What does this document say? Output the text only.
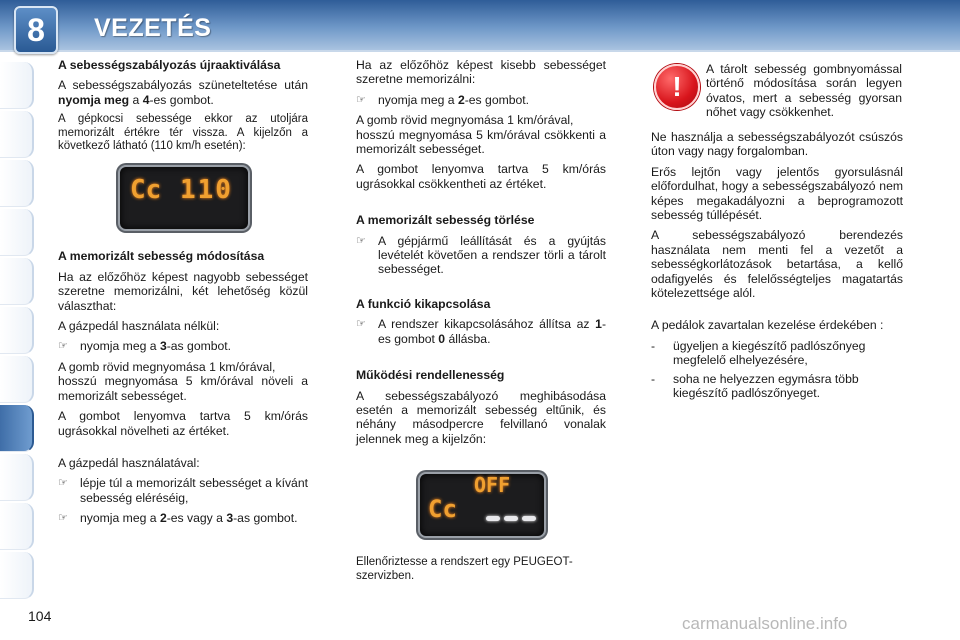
8	VEZETÉS
A sebességszabályozás újraaktiválása

A sebességszabályozás szüneteltetése után nyomja meg a 4-es gombot.

A gépkocsi sebessége ekkor az utoljára memorizált értékre tér vissza. A kijelzőn a következő látható (110 km/h esetén):

Cc 110
A memorizált sebesség módosítása

Ha az előzőhöz képest nagyobb sebességet szeretne memorizálni, két lehetőség közül választhat:

A gázpedál használata nélkül:

☞ nyomja meg a 3-as gombot.

A gomb rövid megnyomása 1 km/órával,

hosszú megnyomása 5 km/órával növeli a memorizált sebességet.

A gombot lenyomva tartva 5 km/órás ugrásokkal növelheti az értéket.

A gázpedál használatával:

☞ lépje túl a memorizált sebességet a kívánt sebesség eléréséig,
☞ nyomja meg a 2-es vagy a 3-as gombot.

Ha az előzőhöz képest kisebb sebességet szeretne memorizálni:

☞ nyomja meg a 2-es gombot.

A gomb rövid megnyomása 1 km/órával,

hosszú megnyomása 5 km/órával csökkenti a memorizált sebességet.

A gombot lenyomva tartva 5 km/órás ugrásokkal csökkentheti az értéket.

A memorizált sebesség törlése
☞ A gépjármű leállítását és a gyújtás levételét követően a rendszer törli a tárolt sebességet.
A funkció kikapcsolása
☞ A rendszer kikapcsolásához állítsa az 1-es gombot 0 állásba.
Működési rendellenesség

A sebességszabályozó meghibásodása esetén a memorizált sebesség eltűnik, és néhány másodpercre felvillanó vonalak jelennek meg a kijelzőn:

OFF
Cc

Ellenőriztesse a rendszert egy PEUGEOT-szervizben.

!
A tárolt sebesség gombnyomással történő módosítása során legyen óvatos, mert a sebesség gyorsan nőhet vagy csökkenhet.

Ne használja a sebességszabályozót csúszós úton vagy nagy forgalomban.

Erős lejtőn vagy jelentős gyorsulásnál előfordulhat, hogy a sebességszabályozó nem képes megakadályozni a beprogramozott sebesség túllépését.

A sebességszabályozó berendezés használata nem menti fel a vezetőt a sebességkorlátozások betartása, a kellő odafigyelés és felelősségteljes magatartás kötelezettsége alól.

A pedálok zavartalan kezelése érdekében :

-	ügyeljen a kiegészítő padlószőnyeg megfelelő elhelyezésére,
-	soha ne helyezzen egymásra több kiegészítő padlószőnyeget.
104	carmanualsonline.info
